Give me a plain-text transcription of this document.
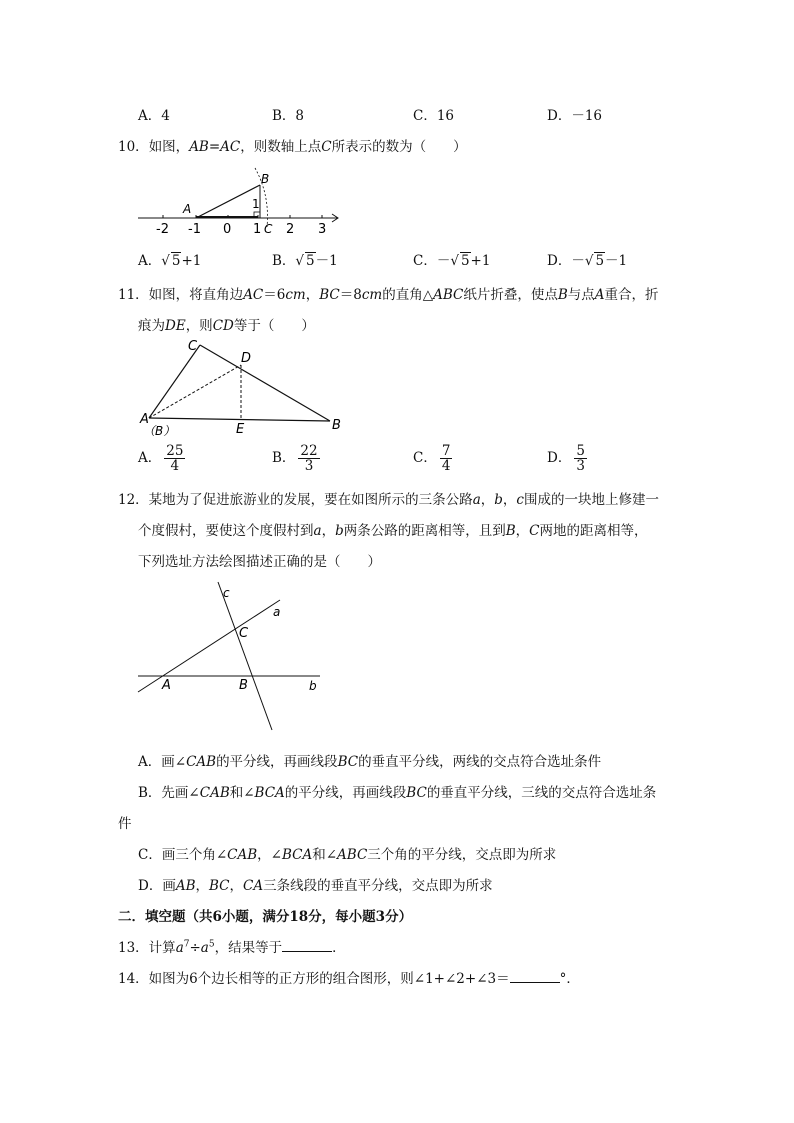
A．4	B．8	C．16	D．－16
10．如图，AB=AC，则数轴上点C所表示的数为（　　）
A
B
1
C
-2 -1 0 1 2 3
A．√ 5+1	B．√ 5－1	C．－√ 5+1	D．－√ 5－1
11．如图，将直角边AC＝6cm，BC＝8cm的直角△ABC纸片折叠，使点B与点A重合，折
痕为DE，则CD等于（　　）
C
D
A
（B）	E	B
A． $\frac{25}{4}$	B． $\frac{22}{3}$	C． $\frac{7}{4}$	D． $\frac{5}{3}$
12．某地为了促进旅游业的发展，要在如图所示的三条公路a，b，c围成的一块地上修建一
个度假村，要使这个度假村到a，b两条公路的距离相等，且到B，C两地的距离相等，
下列选址方法绘图描述正确的是（　　）
c
a
C
A	B	b
A．画∠CAB的平分线，再画线段BC的垂直平分线，两线的交点符合选址条件
B．先画∠CAB和∠BCA的平分线，再画线段BC的垂直平分线，三线的交点符合选址条
件
C．画三个角∠CAB，∠BCA和∠ABC三个角的平分线，交点即为所求
D．画AB，BC，CA三条线段的垂直平分线，交点即为所求
二．填空题（共6小题，满分18分，每小题3分）
13．计算$a^7\div a^5$，结果等于	．
14．如图为6个边长相等的正方形的组合图形，则∠1+∠2+∠3＝	°．
